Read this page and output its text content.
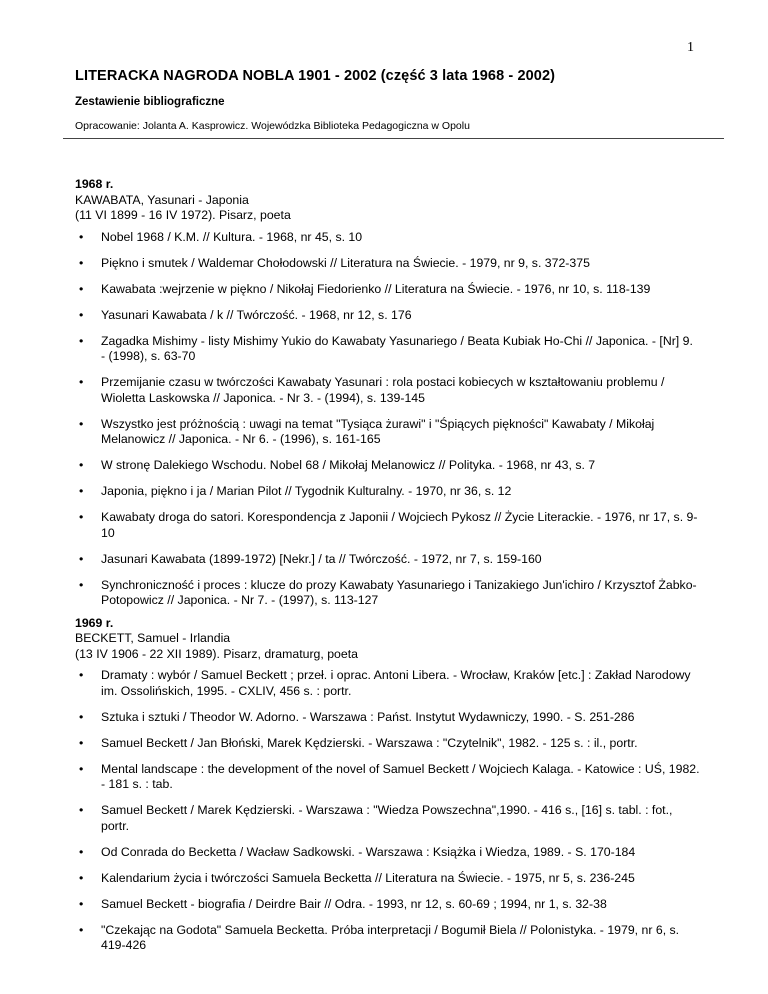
1
LITERACKA NAGRODA NOBLA 1901 - 2002 (część 3 lata 1968 - 2002)

Zestawienie bibliograficzne

Opracowanie: Jolanta A. Kasprowicz. Wojewódzka Biblioteka Pedagogiczna w Opolu

1968 r.
KAWABATA, Yasunari - Japonia
(11 VI 1899 - 16 IV 1972). Pisarz, poeta
• Nobel 1968 / K.M. // Kultura. - 1968, nr 45, s. 10
• Piękno i smutek / Waldemar Chołodowski // Literatura na Świecie. - 1979, nr 9, s. 372-375
• Kawabata :wejrzenie w piękno / Nikołaj Fiedorienko // Literatura na Świecie. - 1976, nr 10, s. 118-139
• Yasunari Kawabata / k // Twórczość. - 1968, nr 12, s. 176
• Zagadka Mishimy - listy Mishimy Yukio do Kawabaty Yasunariego / Beata Kubiak Ho-Chi // Japonica. - [Nr] 9. - (1998), s. 63-70
• Przemijanie czasu w twórczości Kawabaty Yasunari : rola postaci kobiecych w kształtowaniu problemu / Wioletta Laskowska // Japonica. - Nr 3. - (1994), s. 139-145
• Wszystko jest próżnością : uwagi na temat "Tysiąca żurawi" i "Śpiących piękności" Kawabaty / Mikołaj Melanowicz // Japonica. - Nr 6. - (1996), s. 161-165
• W stronę Dalekiego Wschodu. Nobel 68 / Mikołaj Melanowicz // Polityka. - 1968, nr 43, s. 7
• Japonia, piękno i ja / Marian Pilot // Tygodnik Kulturalny. - 1970, nr 36, s. 12
• Kawabaty droga do satori. Korespondencja z Japonii / Wojciech Pykosz // Życie Literackie. - 1976, nr 17, s. 9-10
• Jasunari Kawabata (1899-1972) [Nekr.] / ta // Twórczość. - 1972, nr 7, s. 159-160
• Synchroniczność i proces : klucze do prozy Kawabaty Yasunariego i Tanizakiego Jun'ichiro / Krzysztof Żabko-Potopowicz // Japonica. - Nr 7. - (1997), s. 113-127
1969 r.
BECKETT, Samuel - Irlandia
(13 IV 1906 - 22 XII 1989). Pisarz, dramaturg, poeta
• Dramaty : wybór / Samuel Beckett ; przeł. i oprac. Antoni Libera. - Wrocław, Kraków [etc.] : Zakład Narodowy im. Ossolińskich, 1995. - CXLIV, 456 s. : portr.
• Sztuka i sztuki / Theodor W. Adorno. - Warszawa : Państ. Instytut Wydawniczy, 1990. - S. 251-286
• Samuel Beckett / Jan Błoński, Marek Kędzierski. - Warszawa : "Czytelnik", 1982. - 125 s. : il., portr.
• Mental landscape : the development of the novel of Samuel Beckett / Wojciech Kalaga. - Katowice : UŚ, 1982. - 181 s. : tab.
• Samuel Beckett / Marek Kędzierski. - Warszawa : "Wiedza Powszechna",1990. - 416 s., [16] s. tabl. : fot., portr.
• Od Conrada do Becketta / Wacław Sadkowski. - Warszawa : Książka i Wiedza, 1989. - S. 170-184
• Kalendarium życia i twórczości Samuela Becketta // Literatura na Świecie. - 1975, nr 5, s. 236-245
• Samuel Beckett - biografia / Deirdre Bair // Odra. - 1993, nr 12, s. 60-69 ; 1994, nr 1, s. 32-38
• "Czekając na Godota" Samuela Becketta. Próba interpretacji / Bogumił Biela // Polonistyka. - 1979, nr 6, s. 419-426
